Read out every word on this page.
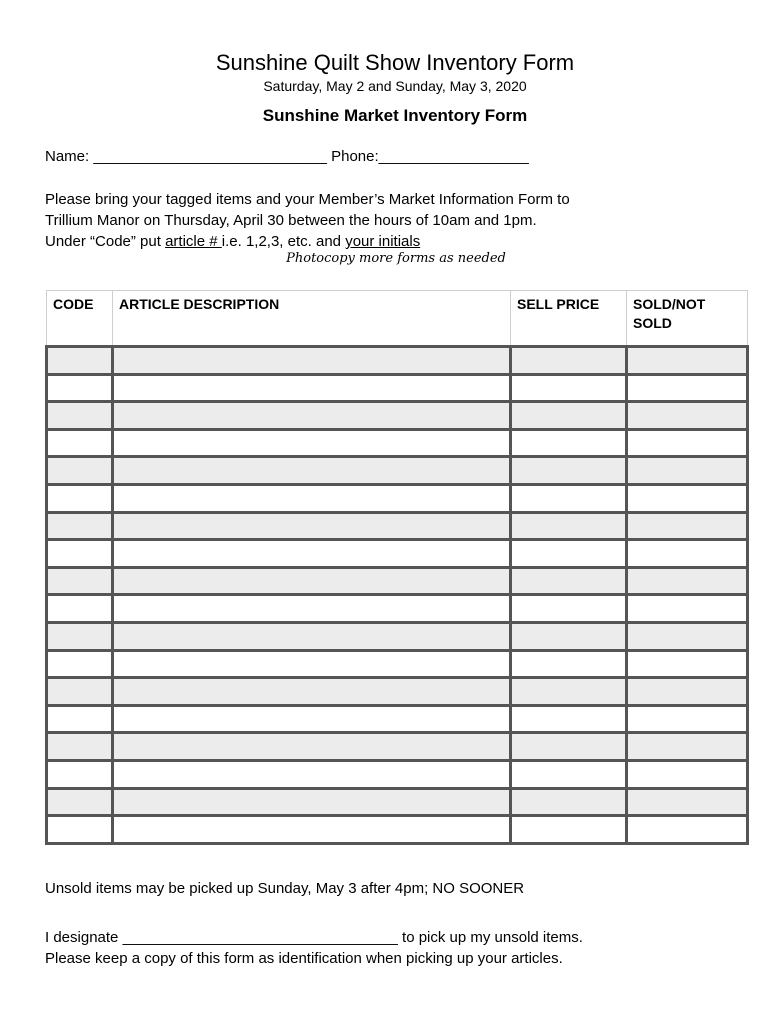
Sunshine Quilt Show Inventory Form
Saturday, May 2 and Sunday, May 3, 2020
Sunshine Market Inventory Form
Name: ____________________________ Phone:__________________
Please bring your tagged items and your Member’s Market Information Form to
Trillium Manor on Thursday, April 30 between the hours of 10am and 1pm.
Under “Code” put article # i.e. 1,2,3, etc. and your initials
Photocopy more forms as needed
CODE	ARTICLE DESCRIPTION	SELL PRICE	SOLD/NOT SOLD

Unsold items may be picked up Sunday, May 3 after 4pm; NO SOONER
I designate _________________________________ to pick up my unsold items.
Please keep a copy of this form as identification when picking up your articles.
